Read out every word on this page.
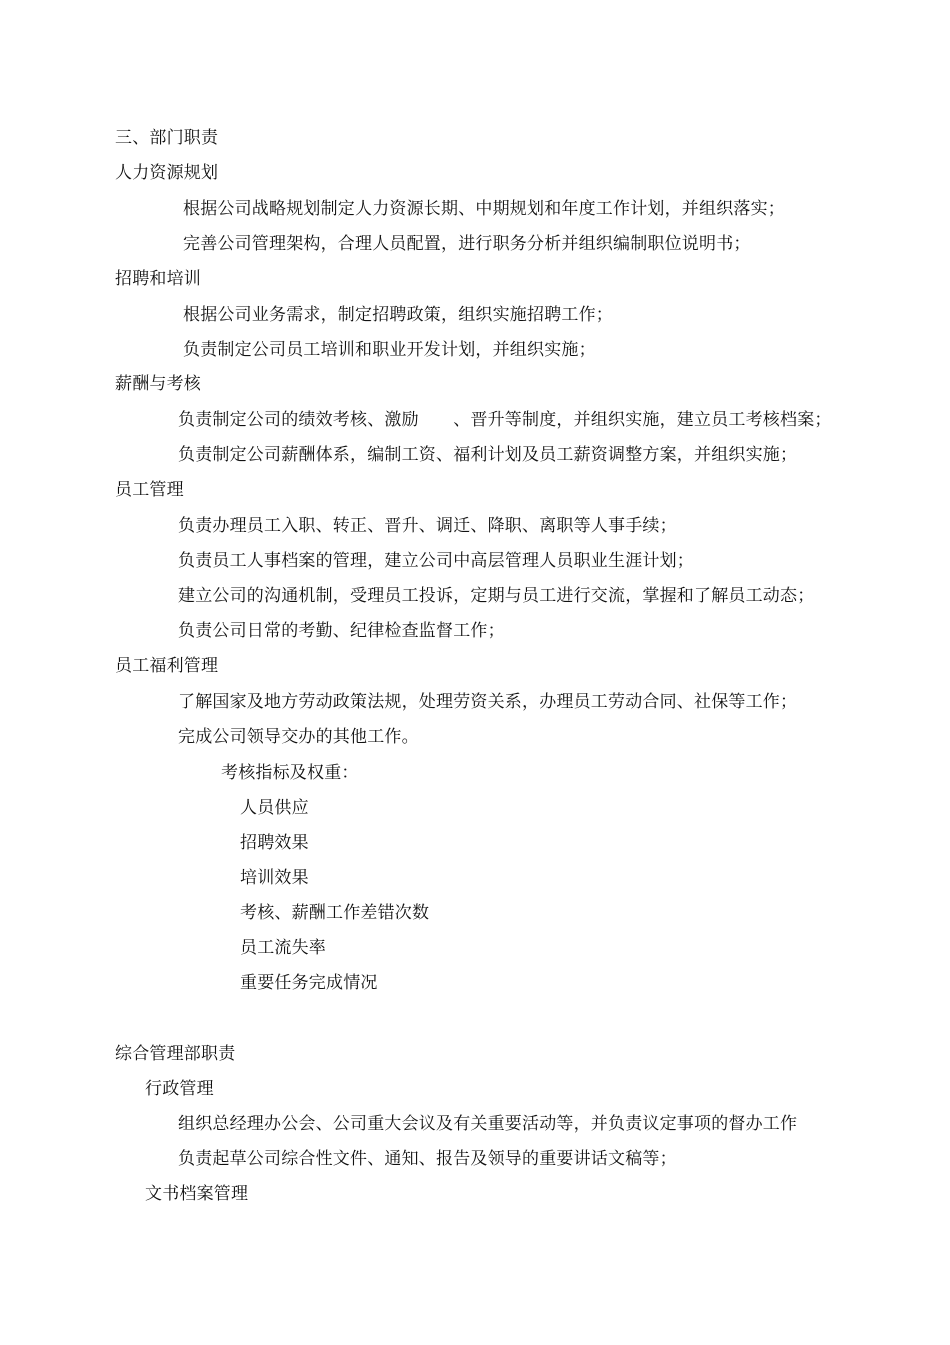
三、部门职责
人力资源规划
根据公司战略规划制定人力资源长期、中期规划和年度工作计划，并组织落实；
完善公司管理架构，合理人员配置，进行职务分析并组织编制职位说明书；
招聘和培训
根据公司业务需求，制定招聘政策，组织实施招聘工作；
负责制定公司员工培训和职业开发计划，并组织实施；
薪酬与考核
负责制定公司的绩效考核、激励　　、晋升等制度，并组织实施，建立员工考核档案；
负责制定公司薪酬体系，编制工资、福利计划及员工薪资调整方案，并组织实施；
员工管理
负责办理员工入职、转正、晋升、调迁、降职、离职等人事手续；
负责员工人事档案的管理，建立公司中高层管理人员职业生涯计划；
建立公司的沟通机制，受理员工投诉，定期与员工进行交流，掌握和了解员工动态；
负责公司日常的考勤、纪律检查监督工作；
员工福利管理
了解国家及地方劳动政策法规，处理劳资关系，办理员工劳动合同、社保等工作；
完成公司领导交办的其他工作。
考核指标及权重：
人员供应
招聘效果
培训效果
考核、薪酬工作差错次数
员工流失率
重要任务完成情况
综合管理部职责
行政管理
组织总经理办公会、公司重大会议及有关重要活动等，并负责议定事项的督办工作
负责起草公司综合性文件、通知、报告及领导的重要讲话文稿等；
文书档案管理
